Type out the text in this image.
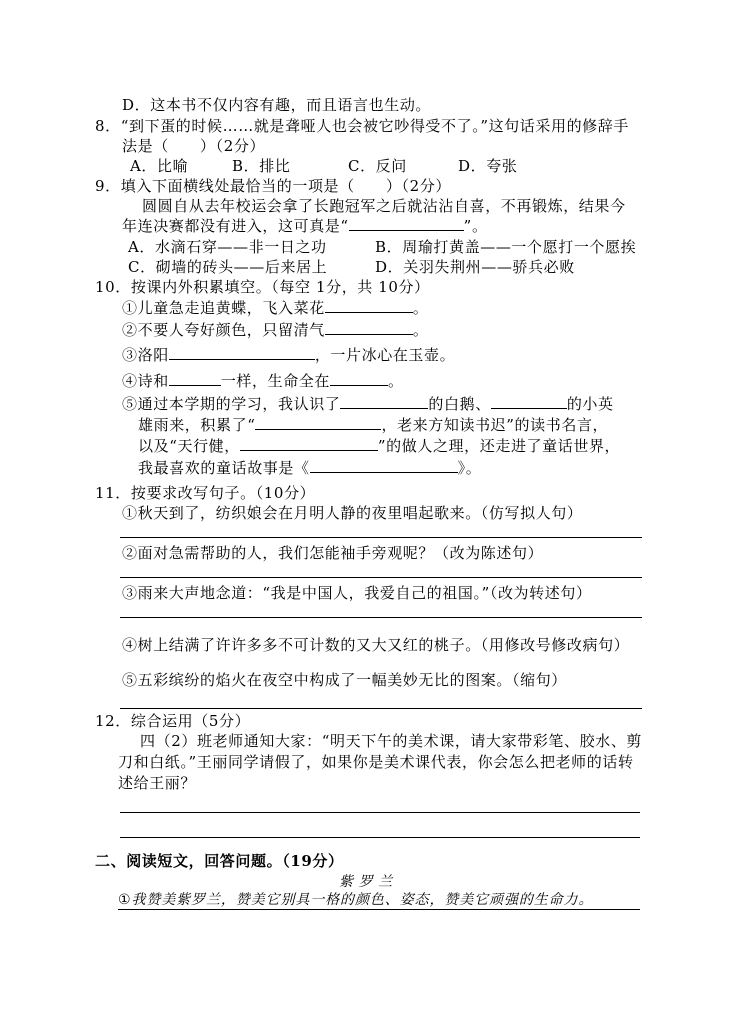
D．这本书不仅内容有趣，而且语言也生动。
8．“到下蛋的时候……就是聋哑人也会被它吵得受不了。”这句话采用的修辞手
法是（　　）（2分）
A．比喻	B．排比	C．反问	D．夸张
9．填入下面横线处最恰当的一项是（　　）（2分）
圆圆自从去年校运会拿了长跑冠军之后就沾沾自喜，不再锻炼，结果今
年连决赛都没有进入，这可真是“	”。
A．水滴石穿——非一日之功	B．周瑜打黄盖——一个愿打一个愿挨
C．砌墙的砖头——后来居上	D．关羽失荆州——骄兵必败
10．按课内外积累填空。（每空 1分，共 10分）
①儿童急走追黄蝶，飞入菜花	。
②不要人夸好颜色，只留清气	。
③洛阳	，一片冰心在玉壶。
④诗和	一样，生命全在	。
⑤通过本学期的学习，我认识了	的白鹅、	的小英
雄雨来，积累了“	，老来方知读书迟”的读书名言，
以及“天行健，	”的做人之理，还走进了童话世界，
我最喜欢的童话故事是《	》。
11．按要求改写句子。（10分）
①秋天到了，纺织娘会在月明人静的夜里唱起歌来。（仿写拟人句）
②面对急需帮助的人，我们怎能袖手旁观呢？（改为陈述句）
③雨来大声地念道：“我是中国人，我爱自己的祖国。”（改为转述句）
④树上结满了许许多多不可计数的又大又红的桃子。（用修改号修改病句）
⑤五彩缤纷的焰火在夜空中构成了一幅美妙无比的图案。（缩句）
12．综合运用（5分）
四（2）班老师通知大家：“明天下午的美术课，请大家带彩笔、胶水、剪
刀和白纸。”王丽同学请假了，如果你是美术课代表，你会怎么把老师的话转
述给王丽？
二、阅读短文，回答问题。（19分）
紫 罗 兰
①我赞美紫罗兰，赞美它别具一格的颜色、姿态，赞美它顽强的生命力。
